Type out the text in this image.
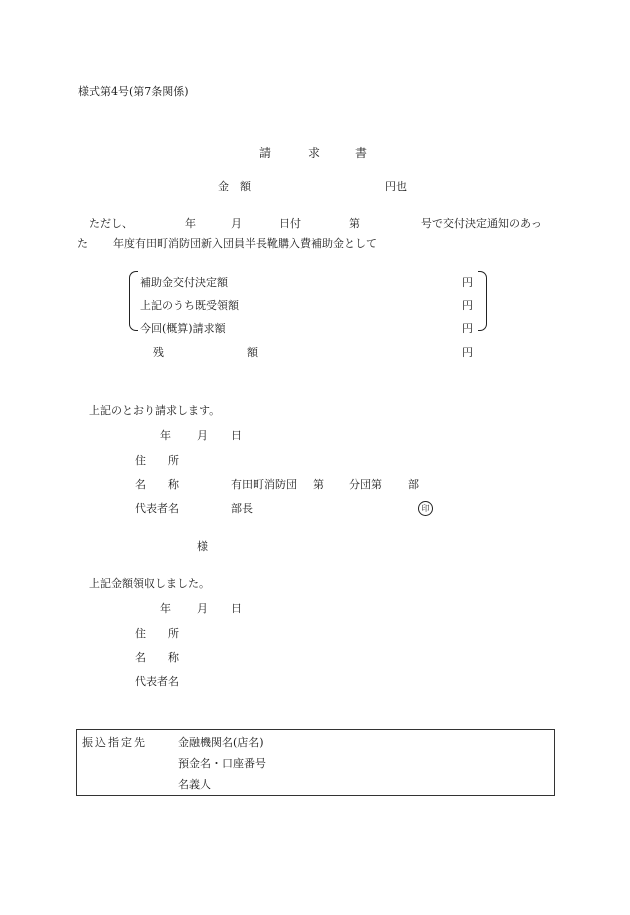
様式第4号(第7条関係)
請	求	書
金　額	円也
ただし、	年	月	日付	第	号で交付決定通知のあっ
た 年度有田町消防団新入団員半長靴購入費補助金として
補助金交付決定額	円
上記のうち既受領額	円
今回(概算)請求額	円
残	額	円
上記のとおり請求します。
年 月 日
住　　所
名　　称	有田町消防団 第 分団第 部
代表者名	部長	印
様
上記金額領収しました。
年 月 日
住　　所
名　　称
代表者名
振込指定先	金融機関名(店名)
預金名・口座番号
名義人
